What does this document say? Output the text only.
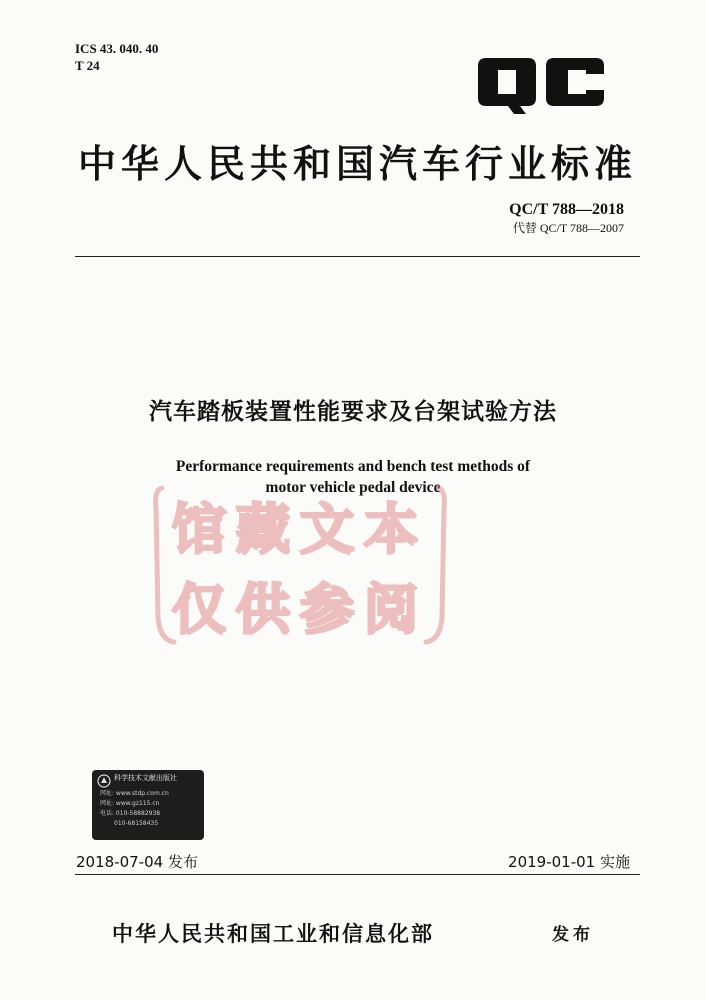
ICS 43. 040. 40
T 24
中华人民共和国汽车行业标准
QC/T 788—2018
代替 QC/T 788—2007
汽车踏板装置性能要求及台架试验方法
Performance requirements and bench test methods of
motor vehicle pedal device
馆藏文本
仅供参阅
科学技术文献出版社
网址: www.stdp.com.cn
网址: www.gz115.cn
电话: 010-58882938
010-68158435
2018-07-04 发布	2019-01-01 实施
中华人民共和国工业和信息化部	发布
